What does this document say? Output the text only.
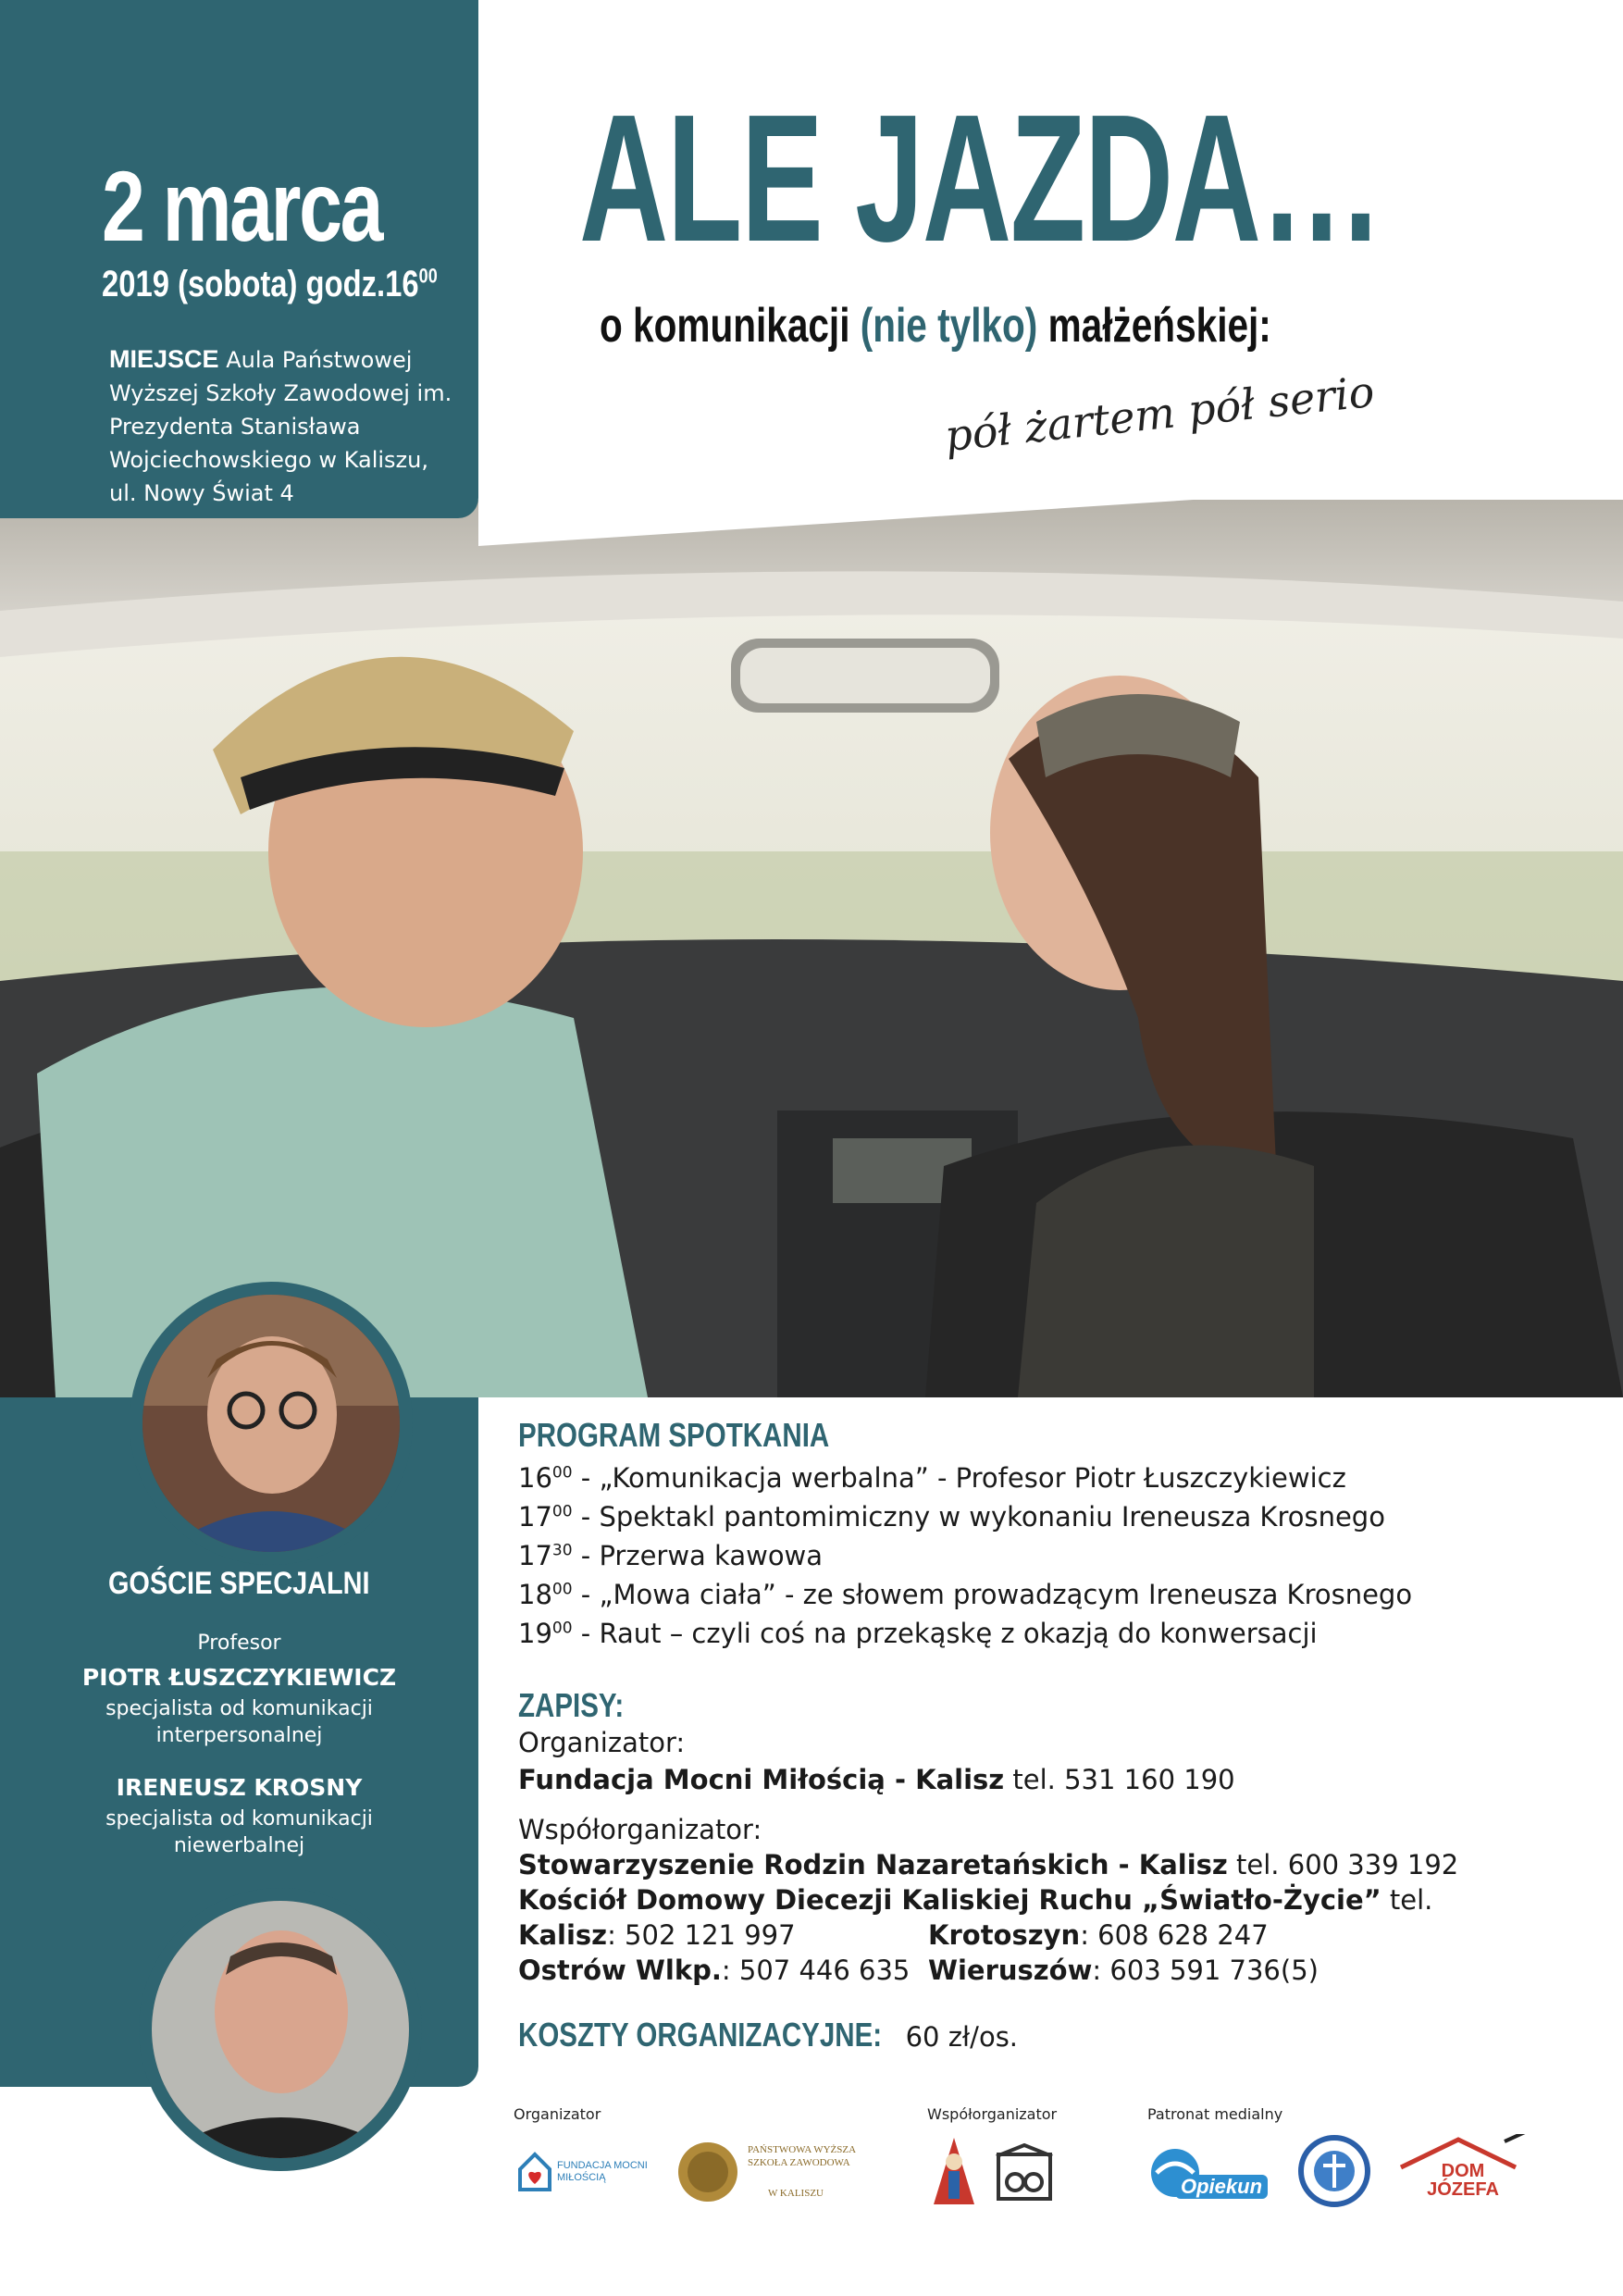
2 marca
2019 (sobota) $godz.16^{00}$
MIEJSCE Aula Państwowej Wyższej Szkoły Zawodowej im. Prezydenta Stanisława Wojciechowskiego w Kaliszu, ul. Nowy Świat 4
ALE JAZDA…
o komunikacji (nie tylko) małżeńskiej:
pół żartem pół serio
GOŚCIE SPECJALNI
Profesor
PIOTR ŁUSZCZYKIEWICZ
specjalista od komunikacji
interpersonalnej
IRENEUSZ KROSNY
specjalista od komunikacji
niewerbalnej
PROGRAM SPOTKANIA
$16^{00}$ - „Komunikacja werbalna” - Profesor Piotr Łuszczykiewicz
$17^{00}$ - Spektakl pantomimiczny w wykonaniu Ireneusza Krosnego
$17^{30}$ - Przerwa kawowa
$18^{00}$ - „Mowa ciała” - ze słowem prowadzącym Ireneusza Krosnego
$19^{00}$ - Raut – czyli coś na przekąskę z okazją do konwersacji
ZAPISY:
Organizator:
Fundacja Mocni Miłością - Kalisz tel. 531 160 190
Współorganizator:
Stowarzyszenie Rodzin Nazaretańskich - Kalisz tel. 600 339 192
Kościół Domowy Diecezji Kaliskiej Ruchu „Światło-Życie” tel.
Kalisz: 502 121 997	Krotoszyn: 608 628 247
Ostrów Wlkp.: 507 446 635 Wieruszów: 603 591 736(5)
KOSZTY ORGANIZACYJNE: 60 zł/os.
Organizator	Współorganizator	Patronat medialny
FUNDACJA MOCNI MIŁOŚCIĄ
PAŃSTWOWA WYŻSZA SZKOŁA ZAWODOWA
W KALISZU	Opiekun
DOM JÓZEFA
